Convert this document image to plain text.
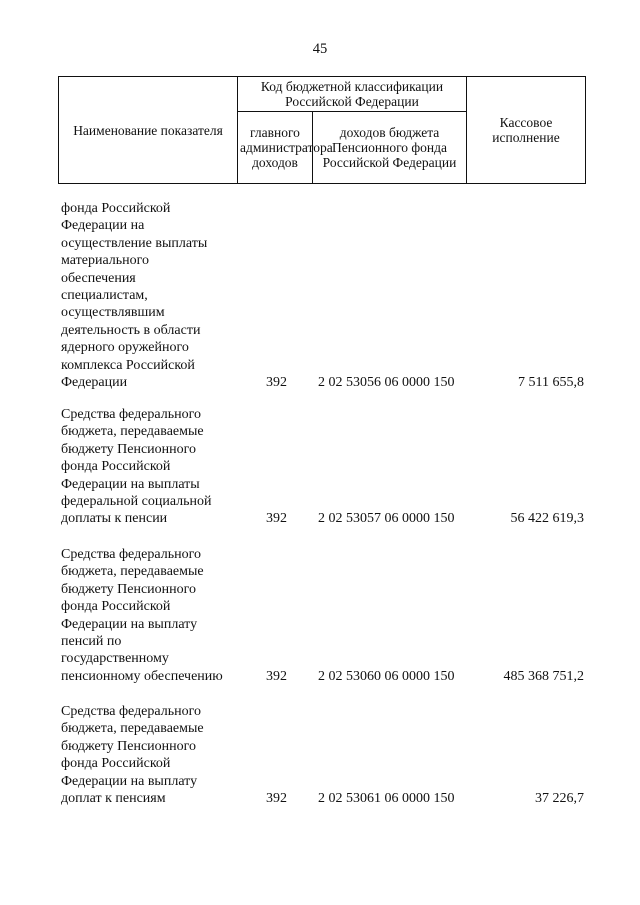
45
Наименование показателя	Код бюджетной классификации Российской Федерации		Кассовое исполнение
	главного администратора доходов	доходов бюджета Пенсионного фонда Российской Федерации	
фонда Российской
Федерации на
осуществление выплаты
материального
обеспечения
специалистам,
осуществлявшим
деятельность в области
ядерного оружейного
комплекса Российской
Федерации	392 2 02 53056 06 0000 150	7 511 655,8
Средства федерального
бюджета, передаваемые
бюджету Пенсионного
фонда Российской
Федерации на выплаты
федеральной социальной
доплаты к пенсии	392 2 02 53057 06 0000 150	56 422 619,3
Средства федерального
бюджета, передаваемые
бюджету Пенсионного
фонда Российской
Федерации на выплату
пенсий по
государственному
пенсионному обеспечению	392 2 02 53060 06 0000 150	485 368 751,2
Средства федерального
бюджета, передаваемые
бюджету Пенсионного
фонда Российской
Федерации на выплату
доплат к пенсиям	392 2 02 53061 06 0000 150	37 226,7
